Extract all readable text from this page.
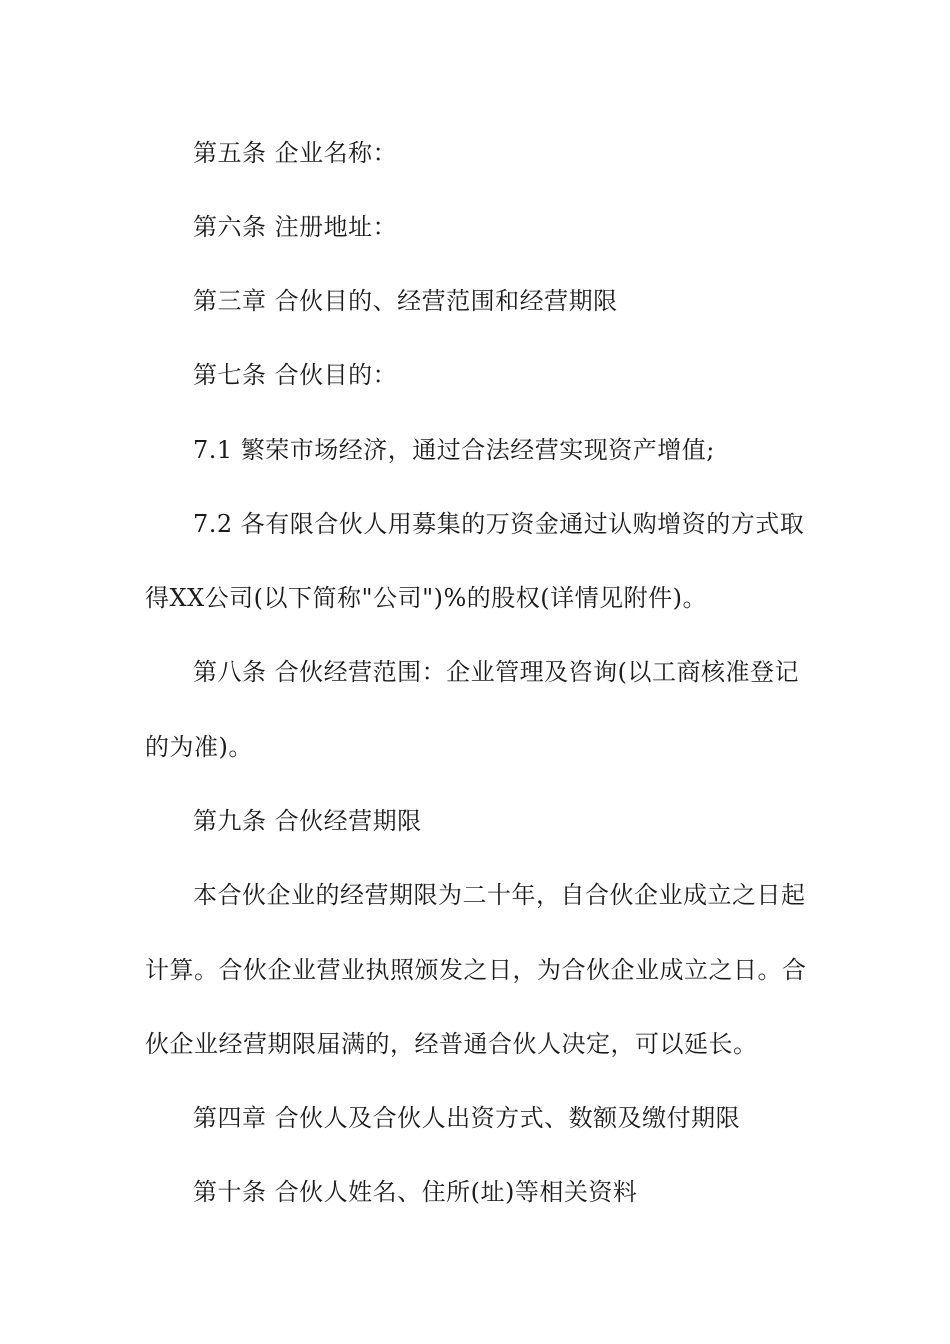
第五条 企业名称：
第六条 注册地址：
第三章 合伙目的、经营范围和经营期限
第七条 合伙目的：
7.1 繁荣市场经济，通过合法经营实现资产增值;
7.2 各有限合伙人用募集的万资金通过认购增资的方式取
得XX公司(以下简称"公司")%的股权(详情见附件)。
第八条 合伙经营范围：企业管理及咨询(以工商核准登记
的为准)。
第九条 合伙经营期限
本合伙企业的经营期限为二十年，自合伙企业成立之日起
计算。合伙企业营业执照颁发之日，为合伙企业成立之日。合
伙企业经营期限届满的，经普通合伙人决定，可以延长。
第四章 合伙人及合伙人出资方式、数额及缴付期限
第十条 合伙人姓名、住所(址)等相关资料
